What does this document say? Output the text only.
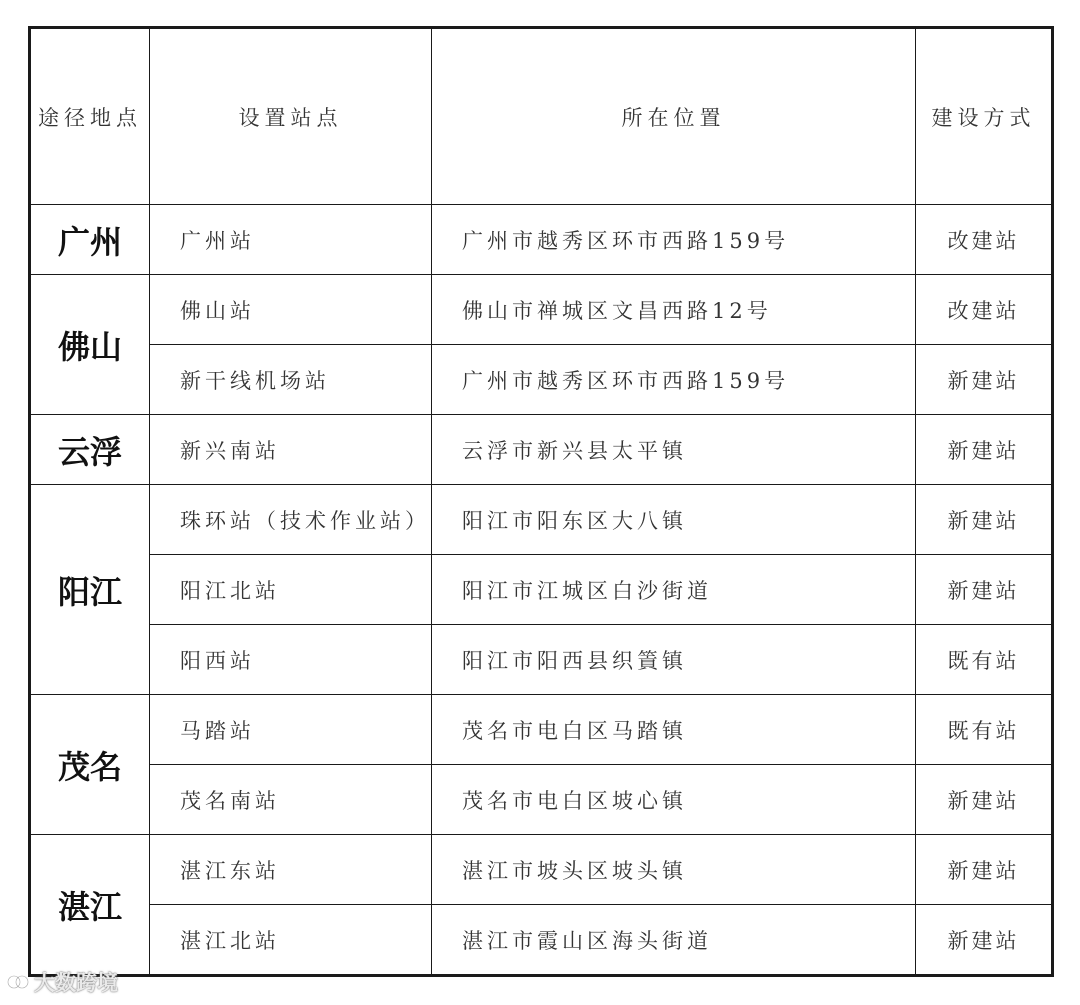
途径地点	设置站点	所在位置	建设方式
广州	广州站	广州市越秀区环市西路159号	改建站
佛山	佛山站	佛山市禅城区文昌西路12号	改建站
	新干线机场站	广州市越秀区环市西路159号	新建站
云浮	新兴南站	云浮市新兴县太平镇	新建站
阳江	珠环站（技术作业站）	阳江市阳东区大八镇	新建站
	阳江北站	阳江市江城区白沙街道	新建站
	阳西站	阳江市阳西县织篢镇	既有站
茂名	马踏站	茂名市电白区马踏镇	既有站
	茂名南站	茂名市电白区坡心镇	新建站
湛江	湛江东站	湛江市坡头区坡头镇	新建站
	湛江北站	湛江市霞山区海头街道	新建站
大数跨境
